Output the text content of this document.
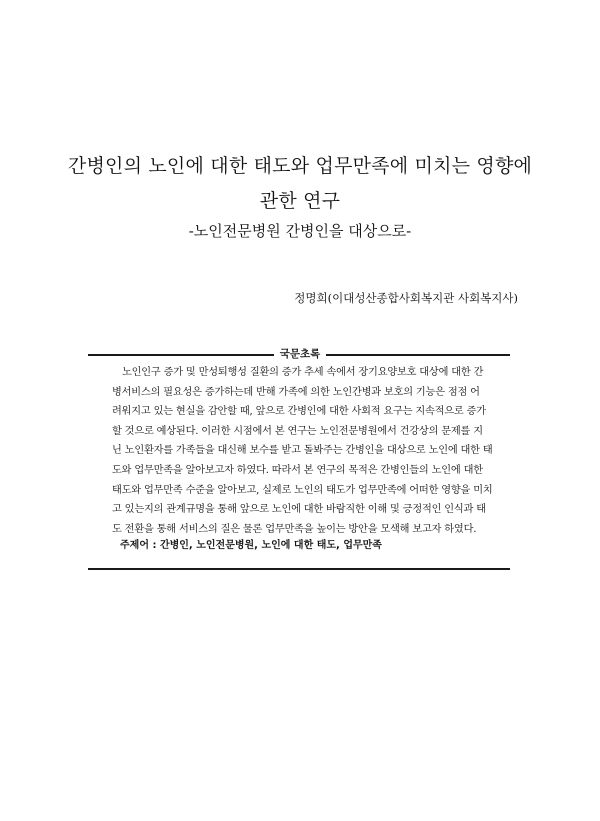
간병인의 노인에 대한 태도와 업무만족에 미치는 영향에
관한 연구
-노인전문병원 간병인을 대상으로-
정명희(이대성산종합사회복지관 사회복지사)
국문초록
노인인구 증가 및 만성퇴행성 질환의 증가 추세 속에서 장기요양보호 대상에 대한 간
병서비스의 필요성은 증가하는데 반해 가족에 의한 노인간병과 보호의 기능은 점점 어
려워지고 있는 현실을 감안할 때, 앞으로 간병인에 대한 사회적 요구는 지속적으로 증가
할 것으로 예상된다. 이러한 시점에서 본 연구는 노인전문병원에서 건강상의 문제를 지
닌 노인환자를 가족들을 대신해 보수를 받고 돌봐주는 간병인을 대상으로 노인에 대한 태
도와 업무만족을 알아보고자 하였다. 따라서 본 연구의 목적은 간병인들의 노인에 대한
태도와 업무만족 수준을 알아보고, 실제로 노인의 태도가 업무만족에 어떠한 영향을 미치
고 있는지의 관계규명을 통해 앞으로 노인에 대한 바람직한 이해 및 긍정적인 인식과 태
도 전환을 통해 서비스의 질은 물론 업무만족을 높이는 방안을 모색해 보고자 하였다.
주제어 : 간병인, 노인전문병원, 노인에 대한 태도, 업무만족
